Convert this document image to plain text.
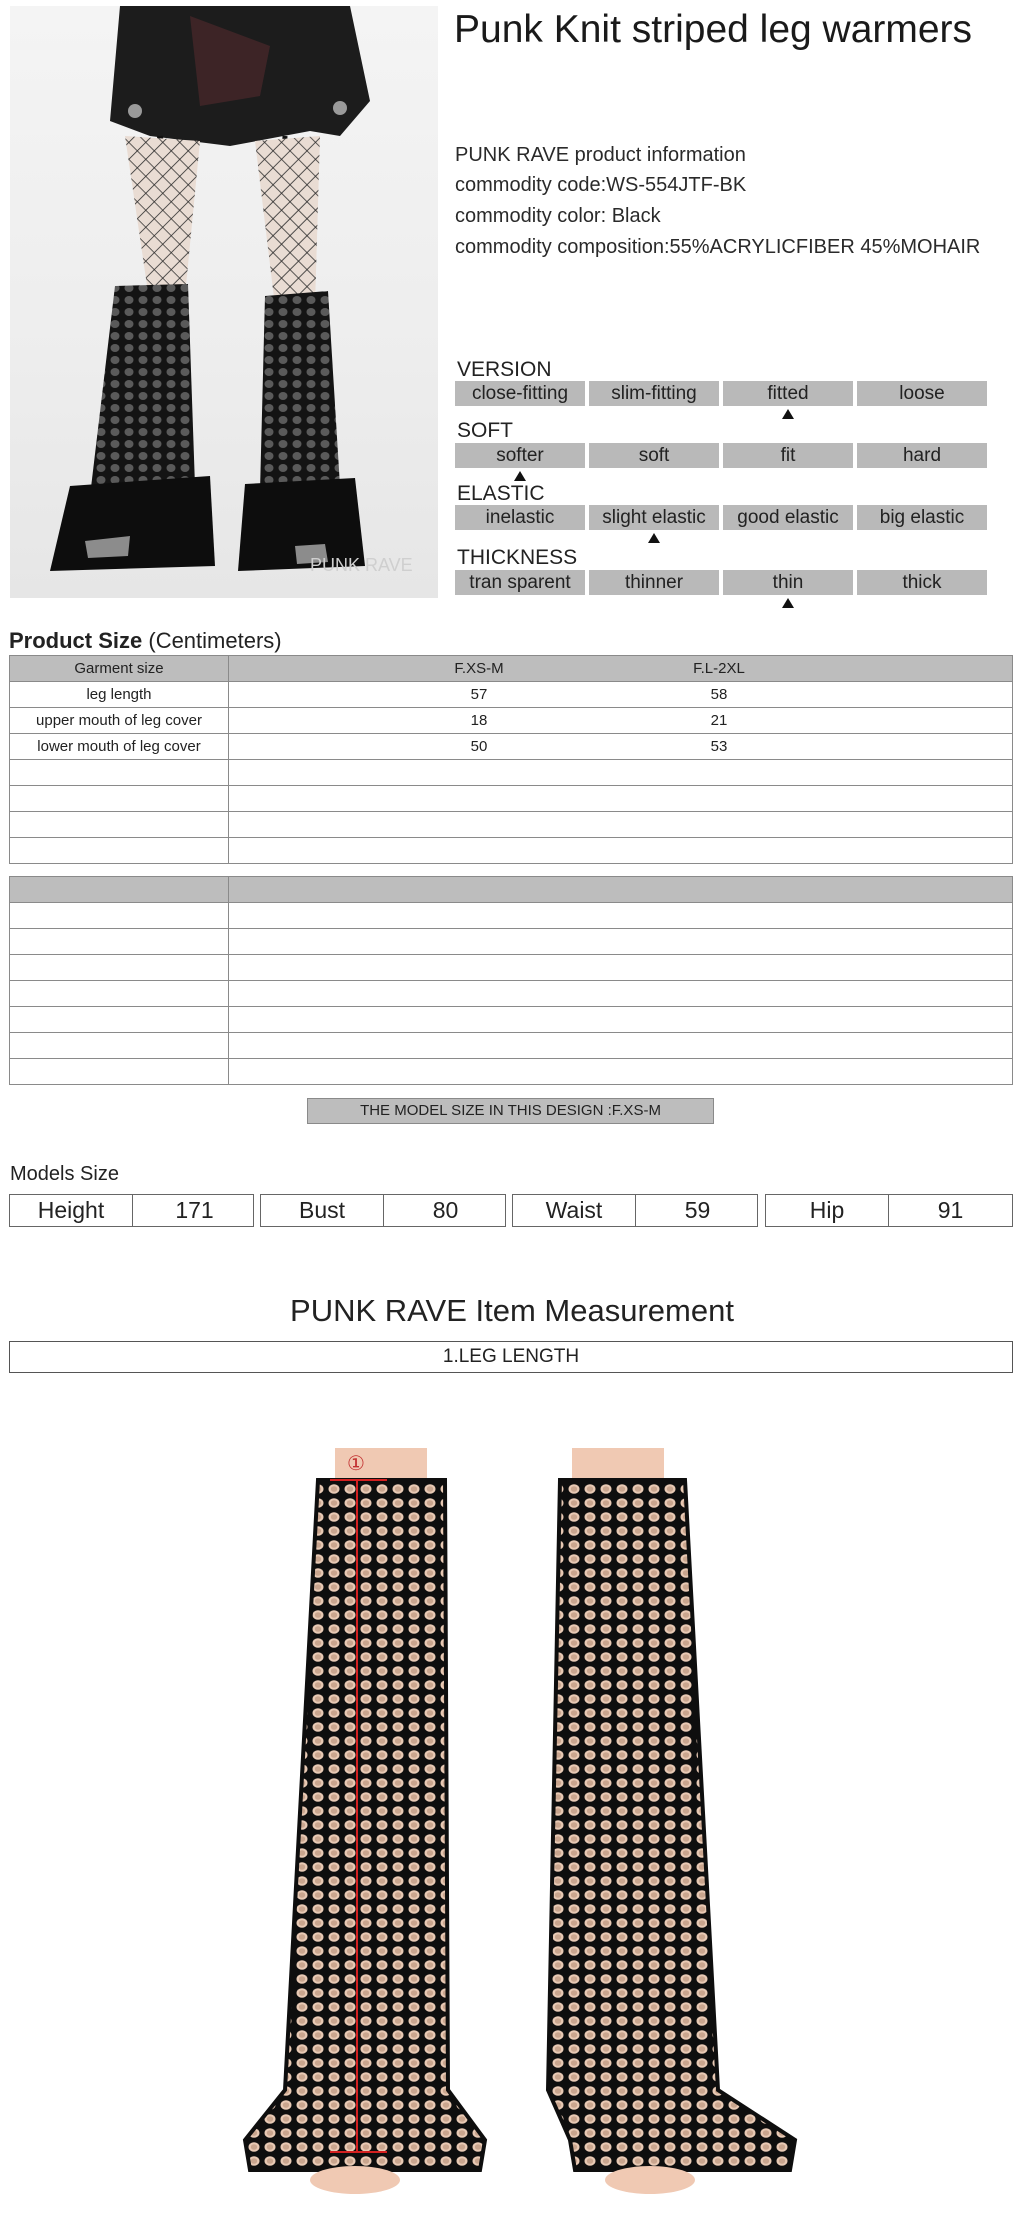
PUNK RAVE
Punk Knit striped leg warmers
PUNK RAVE product information
commodity code:WS-554JTF-BK
commodity color: Black
commodity composition:55%ACRYLICFIBER 45%MOHAIR
VERSION
close-fitting	slim-fitting	fitted	loose
SOFT
softer	soft	fit	hard
ELASTIC
inelastic	slight elastic	good elastic	big elastic
THICKNESS
tran sparent	thinner	thin	thick
Product Size (Centimeters)
Garment size	F.XS-M F.L-2XL
leg length	57 58
upper mouth of leg cover	18 21
lower mouth of leg cover	50 53

THE MODEL SIZE IN THIS DESIGN :F.XS-M
Models Size
Height	171	Bust	80	Waist	59	Hip	91
PUNK RAVE Item Measurement
1.LEG LENGTH
①
